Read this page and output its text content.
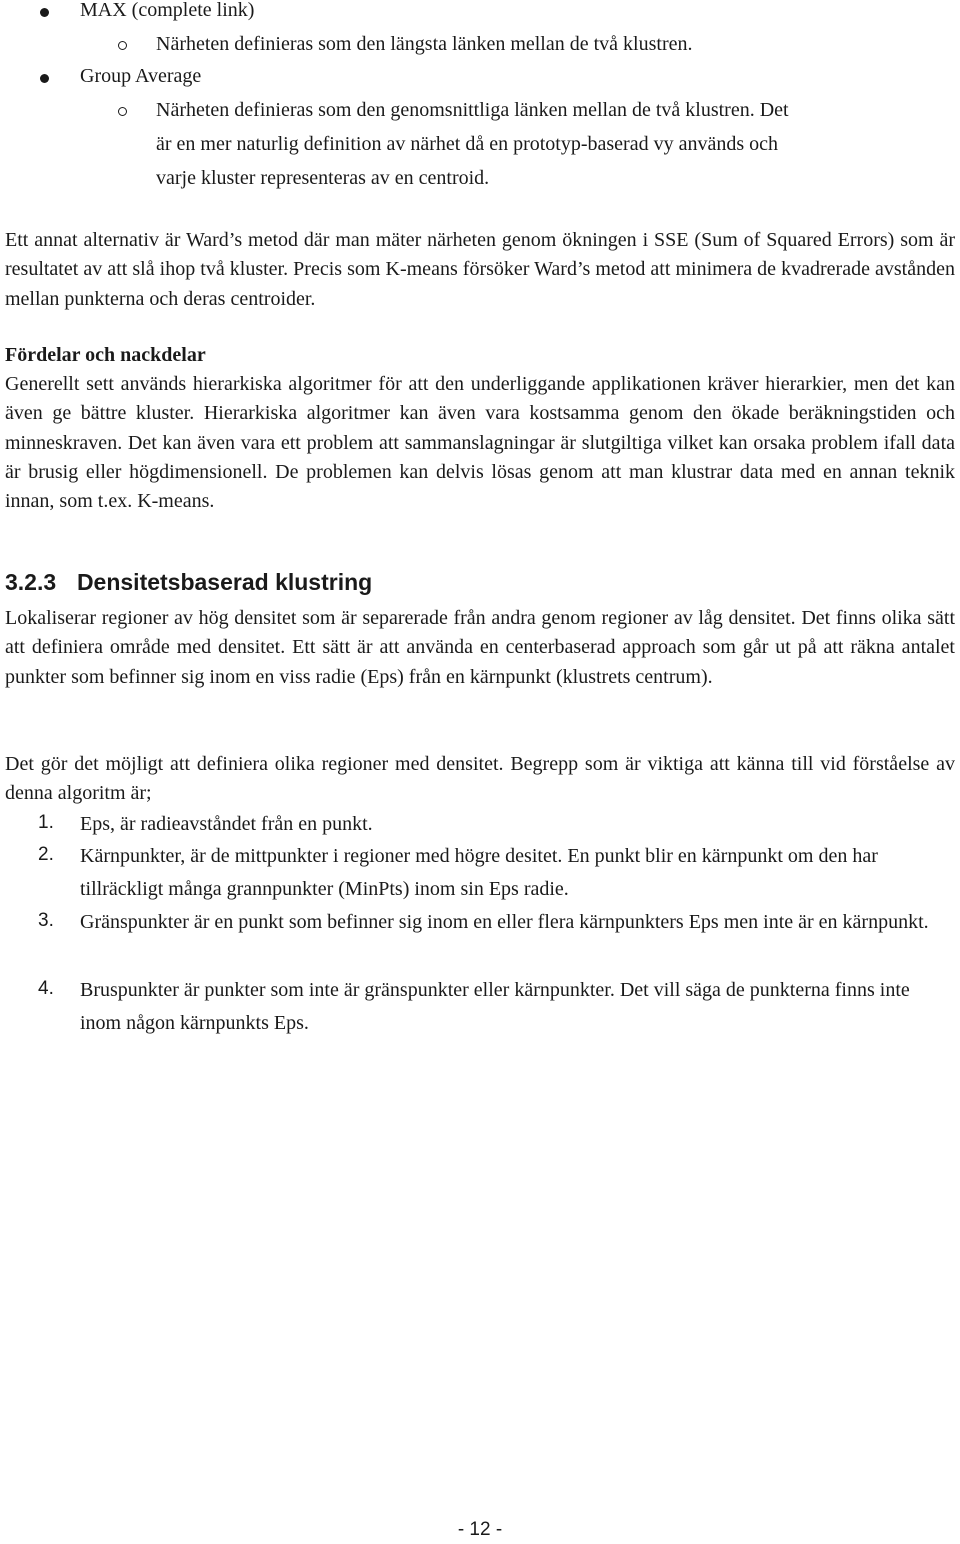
MAX (complete link)
Närheten definieras som den längsta länken mellan de två klustren.
Group Average
Närheten definieras som den genomsnittliga länken mellan de två klustren. Det
är en mer naturlig definition av närhet då en prototyp-baserad vy används och
varje kluster representeras av en centroid.

Ett annat alternativ är Ward’s metod där man mäter närheten genom ökningen i SSE (Sum of Squared Errors) som är resultatet av att slå ihop två kluster. Precis som K-means försöker Ward’s metod att minimera de kvadrerade avstånden mellan punkterna och deras centroider.

Fördelar och nackdelar

Generellt sett används hierarkiska algoritmer för att den underliggande applikationen kräver hierarkier, men det kan även ge bättre kluster. Hierarkiska algoritmer kan även vara kostsamma genom den ökade beräkningstiden och minneskraven. Det kan även vara ett problem att sammanslagningar är slutgiltiga vilket kan orsaka problem ifall data är brusig eller högdimensionell. De problemen kan delvis lösas genom att man klustrar data med en annan teknik innan, som t.ex. K-means.

3.2.3 Densitetsbaserad klustring

Lokaliserar regioner av hög densitet som är separerade från andra genom regioner av låg densitet. Det finns olika sätt att definiera område med densitet. Ett sätt är att använda en centerbaserad approach som går ut på att räkna antalet punkter som befinner sig inom en viss radie (Eps) från en kärnpunkt (klustrets centrum).

Det gör det möjligt att definiera olika regioner med densitet. Begrepp som är viktiga att känna till vid förståelse av denna algoritm är;

1. Eps, är radieavståndet från en punkt.
2. Kärnpunkter, är de mittpunkter i regioner med högre desitet. En punkt blir en kärnpunkt om den har tillräckligt många grannpunkter (MinPts) inom sin Eps radie.
3. Gränspunkter är en punkt som befinner sig inom en eller flera kärnpunkters Eps men inte är en kärnpunkt.
4. Bruspunkter är punkter som inte är gränspunkter eller kärnpunkter. Det vill säga de punkterna finns inte inom någon kärnpunkts Eps.
- 12 -
